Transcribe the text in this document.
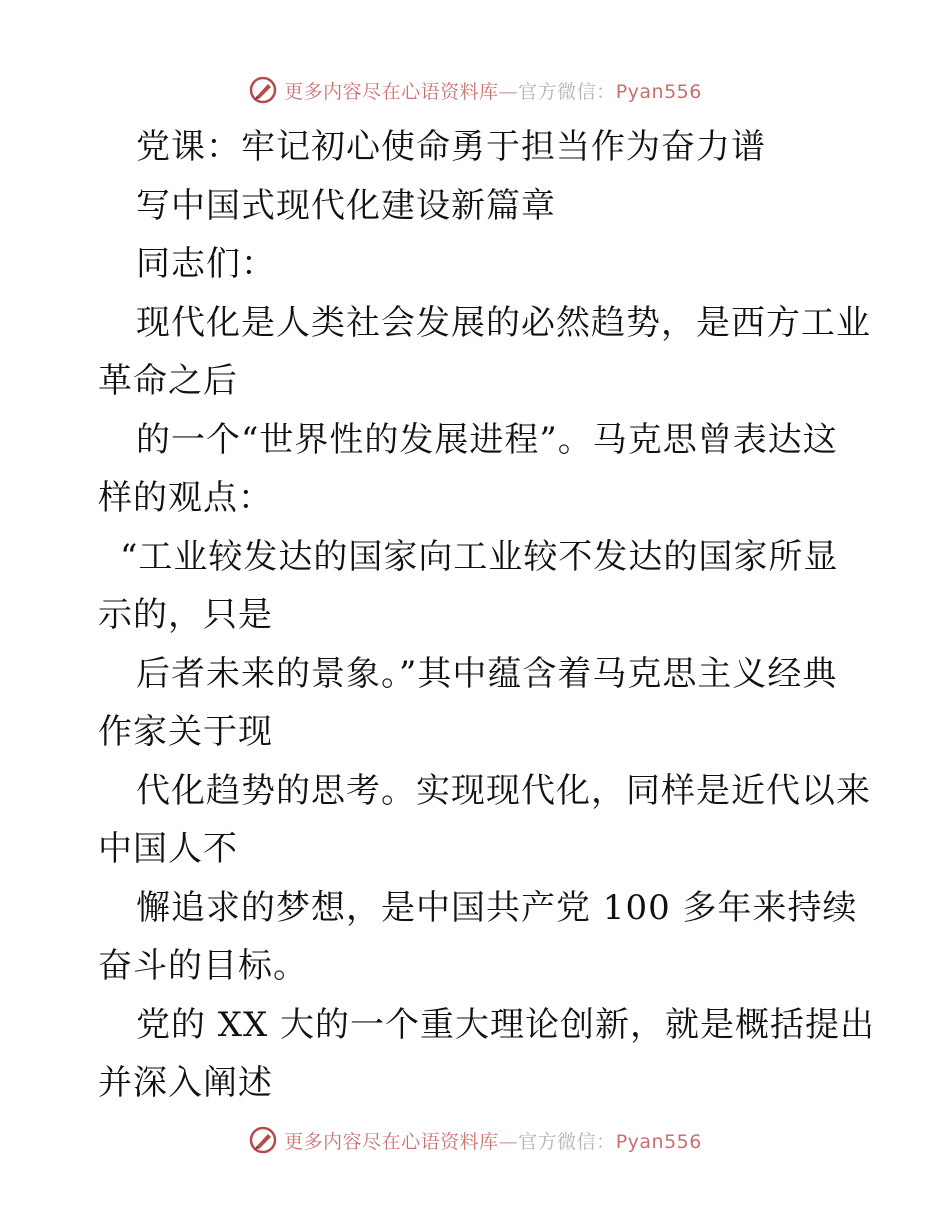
更多内容尽在心语资料库—官方微信：Pyan556
党课：牢记初心使命勇于担当作为奋力谱
写中国式现代化建设新篇章
同志们：
现代化是人类社会发展的必然趋势，是西方工业
革命之后
的一个“世界性的发展进程”。马克思曾表达这
样的观点：
“工业较发达的国家向工业较不发达的国家所显
示的，只是
后者未来的景象。”其中蕴含着马克思主义经典
作家关于现
代化趋势的思考。实现现代化，同样是近代以来
中国人不
懈追求的梦想，是中国共产党 100 多年来持续
奋斗的目标。
党的 XX 大的一个重大理论创新，就是概括提出
并深入阐述
更多内容尽在心语资料库—官方微信：Pyan556
